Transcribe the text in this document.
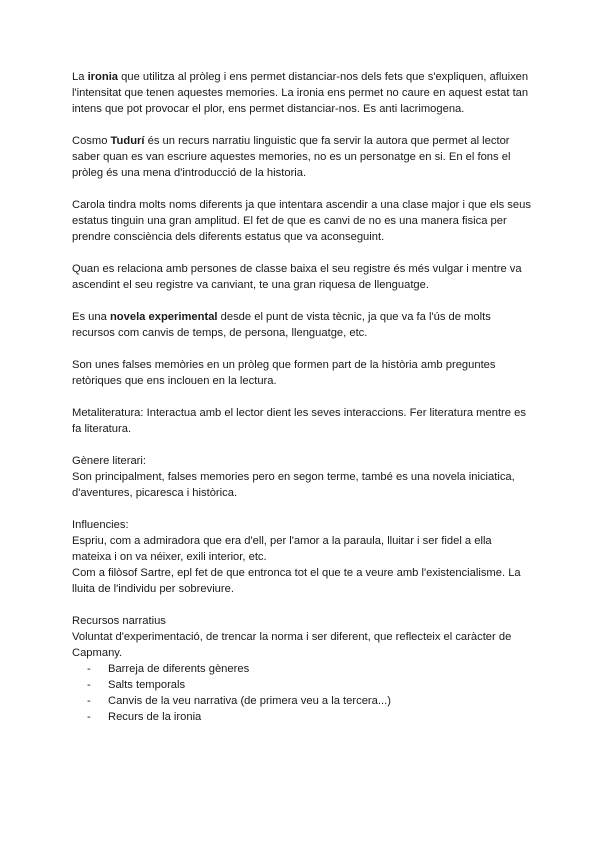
La ironia que utilitza al pròleg i ens permet distanciar-nos dels fets que s'expliquen, afluixen l'intensitat que tenen aquestes memories. La ironia ens permet no caure en aquest estat tan intens que pot provocar el plor, ens permet distanciar-nos. Es anti lacrimogena.

Cosmo Tudurí és un recurs narratiu linguistic que fa servir la autora que permet al lector saber quan es van escriure aquestes memories, no es un personatge en si. En el fons el pròleg és una mena d'introducció de la historia.

Carola tindra molts noms diferents ja que intentara ascendir a una clase major i que els seus estatus tinguin una gran amplitud. El fet de que es canvi de no es una manera fisica per prendre consciència dels diferents estatus que va aconseguint.

Quan es relaciona amb persones de classe baixa el seu registre és més vulgar i mentre va ascendint el seu registre va canviant, te una gran riquesa de llenguatge.

Es una novela experimental desde el punt de vista tècnic, ja que va fa l'ús de molts recursos com canvis de temps, de persona, llenguatge, etc.

Son unes falses memòries en un pròleg que formen part de la història amb preguntes retòriques que ens inclouen en la lectura.

Metaliteratura: Interactua amb el lector dient les seves interaccions. Fer literatura mentre es fa literatura.

Gènere literari:

Son principalment, falses memories pero en segon terme, també es una novela iniciatica, d'aventures, picaresca i històrica.

Influencies:

Espriu, com a admiradora que era d'ell, per l'amor a la paraula, lluitar i ser fidel a ella mateixa i on va néixer, exili interior, etc.

Com a filòsof Sartre, epl fet de que entronca tot el que te a veure amb l'existencialisme. La lluita de l'individu per sobreviure.

Recursos narratius

Voluntat d'experimentació, de trencar la norma i ser diferent, que reflecteix el caràcter de Capmany.

- Barreja de diferents gèneres
- Salts temporals
- Canvis de la veu narrativa (de primera veu a la tercera...)
- Recurs de la ironia
